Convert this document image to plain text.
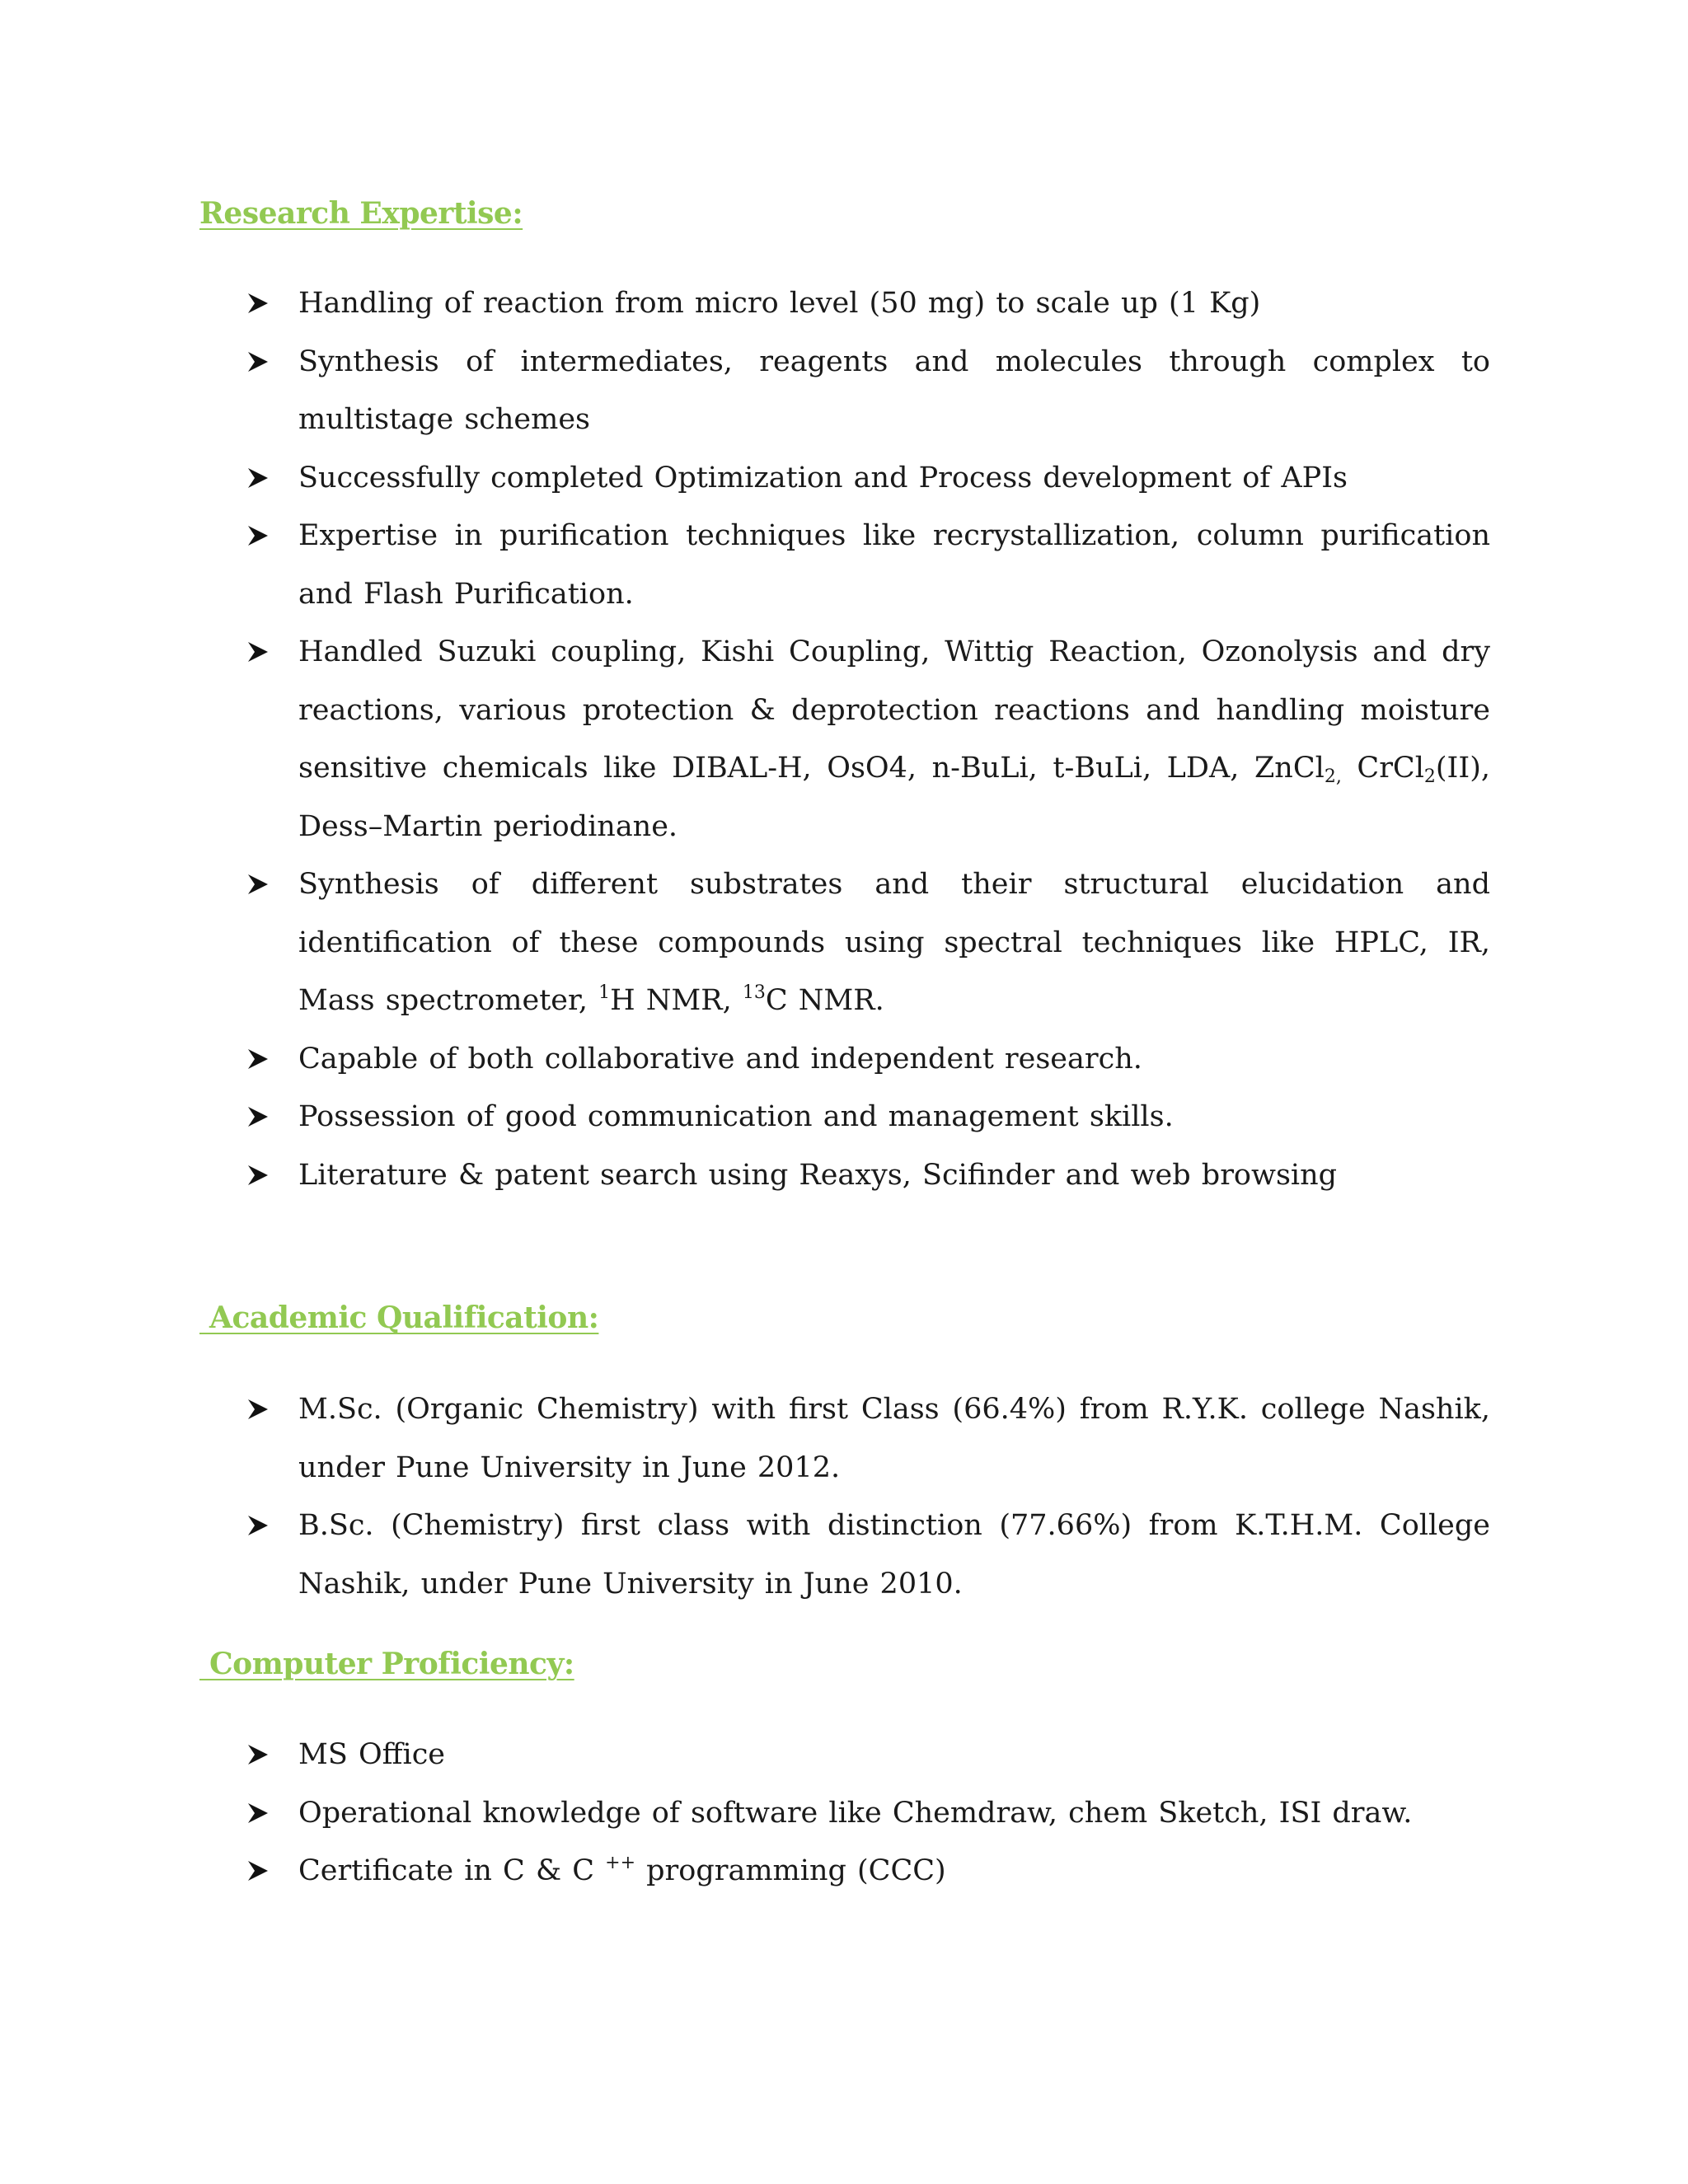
Research Expertise:
Handling of reaction from micro level (50 mg) to scale up (1 Kg)
Synthesis of intermediates, reagents and molecules through complex to multistage schemes
Successfully completed Optimization and Process development of APIs
Expertise in purification techniques like recrystallization, column purification and Flash Purification.
Handled Suzuki coupling, Kishi Coupling, Wittig Reaction, Ozonolysis and dry reactions, various protection & deprotection reactions and handling moisture sensitive chemicals like DIBAL-H, OsO4, n-BuLi, t-BuLi, LDA, ZnCl$_{2,}$ CrCl$_2$(II), Dess–Martin periodinane.
Synthesis of different substrates and their structural elucidation and identification of these compounds using spectral techniques like HPLC, IR, Mass spectrometer, $^1$H NMR, $^{13}$C NMR.
Capable of both collaborative and independent research.
Possession of good communication and management skills.
Literature & patent search using Reaxys, Scifinder and web browsing
Academic Qualification:
M.Sc. (Organic Chemistry) with first Class (66.4%) from R.Y.K. college Nashik, under Pune University in June 2012.
B.Sc. (Chemistry) first class with distinction (77.66%) from K.T.H.M. College Nashik, under Pune University in June 2010.
Computer Proficiency:
MS Office
Operational knowledge of software like Chemdraw, chem Sketch, ISI draw.
Certificate in C & C ++ programming (CCC)
